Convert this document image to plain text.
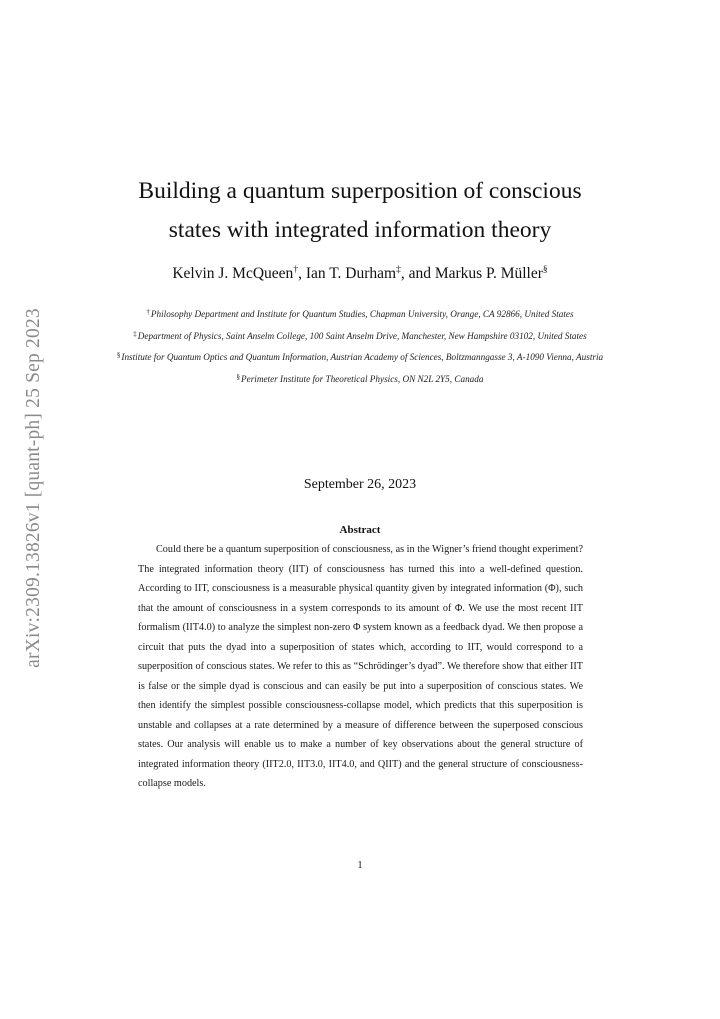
arXiv:2309.13826v1 [quant-ph] 25 Sep 2023
Building a quantum superposition of conscious
states with integrated information theory
Kelvin J. McQueen†, Ian T. Durham‡, and Markus P. Müller§
†Philosophy Department and Institute for Quantum Studies, Chapman University, Orange, CA 92866, United States
‡Department of Physics, Saint Anselm College, 100 Saint Anselm Drive, Manchester, New Hampshire 03102, United States
§Institute for Quantum Optics and Quantum Information, Austrian Academy of Sciences, Boltzmanngasse 3, A-1090 Vienna, Austria
§Perimeter Institute for Theoretical Physics, ON N2L 2Y5, Canada
September 26, 2023
Abstract

Could there be a quantum superposition of consciousness, as in the Wigner’s friend thought experiment? The integrated information theory (IIT) of consciousness has turned this into a well-defined question. According to IIT, consciousness is a measurable physical quantity given by integrated information (Φ), such that the amount of consciousness in a system corresponds to its amount of Φ. We use the most recent IIT formalism (IIT4.0) to analyze the simplest non-zero Φ system known as a feedback dyad. We then propose a circuit that puts the dyad into a superposition of states which, according to IIT, would correspond to a superposition of conscious states. We refer to this as “Schrödinger’s dyad”. We therefore show that either IIT is false or the simple dyad is conscious and can easily be put into a superposition of conscious states. We then identify the simplest possible consciousness-collapse model, which predicts that this superposition is unstable and collapses at a rate determined by a measure of difference between the superposed conscious states. Our analysis will enable us to make a number of key observations about the general structure of integrated information theory (IIT2.0, IIT3.0, IIT4.0, and QIIT) and the general structure of consciousness-collapse models.

1
